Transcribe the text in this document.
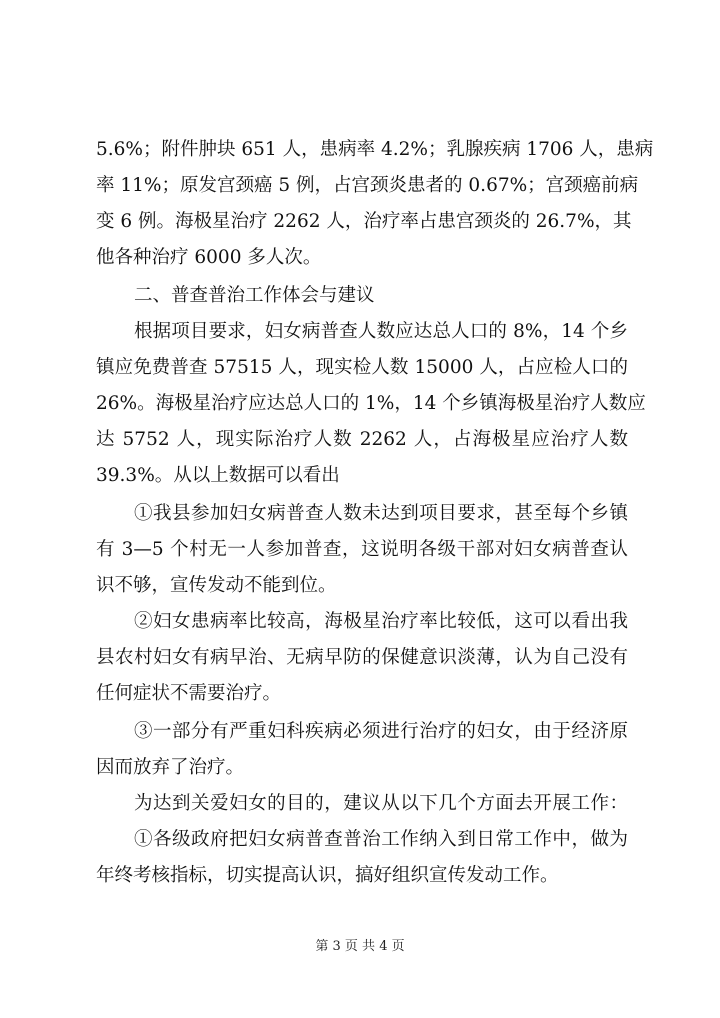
5.6%；附件肿块 651 人，患病率 4.2%；乳腺疾病 1706 人，患病
率 11%；原发宫颈癌 5 例，占宫颈炎患者的 0.67%；宫颈癌前病
变 6 例。海极星治疗 2262 人，治疗率占患宫颈炎的 26.7%，其
他各种治疗 6000 多人次。
二、普查普治工作体会与建议
根据项目要求，妇女病普查人数应达总人口的 8%，14 个乡
镇应免费普查 57515 人，现实检人数 15000 人，占应检人口的
26%。海极星治疗应达总人口的 1%，14 个乡镇海极星治疗人数应
达 5752 人，现实际治疗人数 2262 人，占海极星应治疗人数
39.3%。从以上数据可以看出
①我县参加妇女病普查人数未达到项目要求，甚至每个乡镇
有 3—5 个村无一人参加普查，这说明各级干部对妇女病普查认
识不够，宣传发动不能到位。
②妇女患病率比较高，海极星治疗率比较低，这可以看出我
县农村妇女有病早治、无病早防的保健意识淡薄，认为自己没有
任何症状不需要治疗。
③一部分有严重妇科疾病必须进行治疗的妇女，由于经济原
因而放弃了治疗。
为达到关爱妇女的目的，建议从以下几个方面去开展工作：
①各级政府把妇女病普查普治工作纳入到日常工作中，做为
年终考核指标，切实提高认识，搞好组织宣传发动工作。
第 3 页 共 4 页
